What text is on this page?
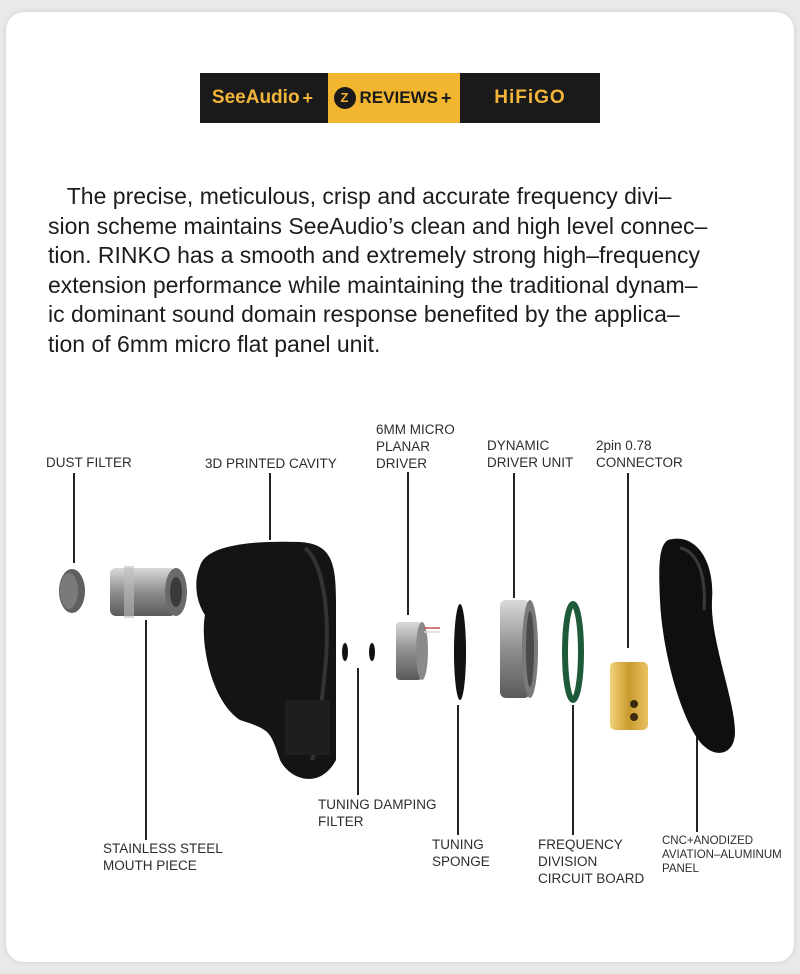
SeeAudio +	Z REVIEWS + HiFiGO

The precise, meticulous, crisp and accurate frequency divi–
sion scheme maintains SeeAudio’s clean and high level connec–
tion. RINKO has a smooth and extremely strong high–frequency
extension performance while maintaining the traditional dynam–
ic dominant sound domain response benefited by the applica–
tion of 6mm micro flat panel unit.

DUST FILTER	3D PRINTED CAVITY
6MM MICRO
PLANAR
DRIVER
DYNAMIC
DRIVER UNIT
2pin 0.78
CONNECTOR
TUNING DAMPING
FILTER
STAINLESS STEEL
MOUTH PIECE
TUNING
SPONGE
FREQUENCY
DIVISION
CIRCUIT BOARD
CNC+ANODIZED
AVIATION–ALUMINUM
PANEL
